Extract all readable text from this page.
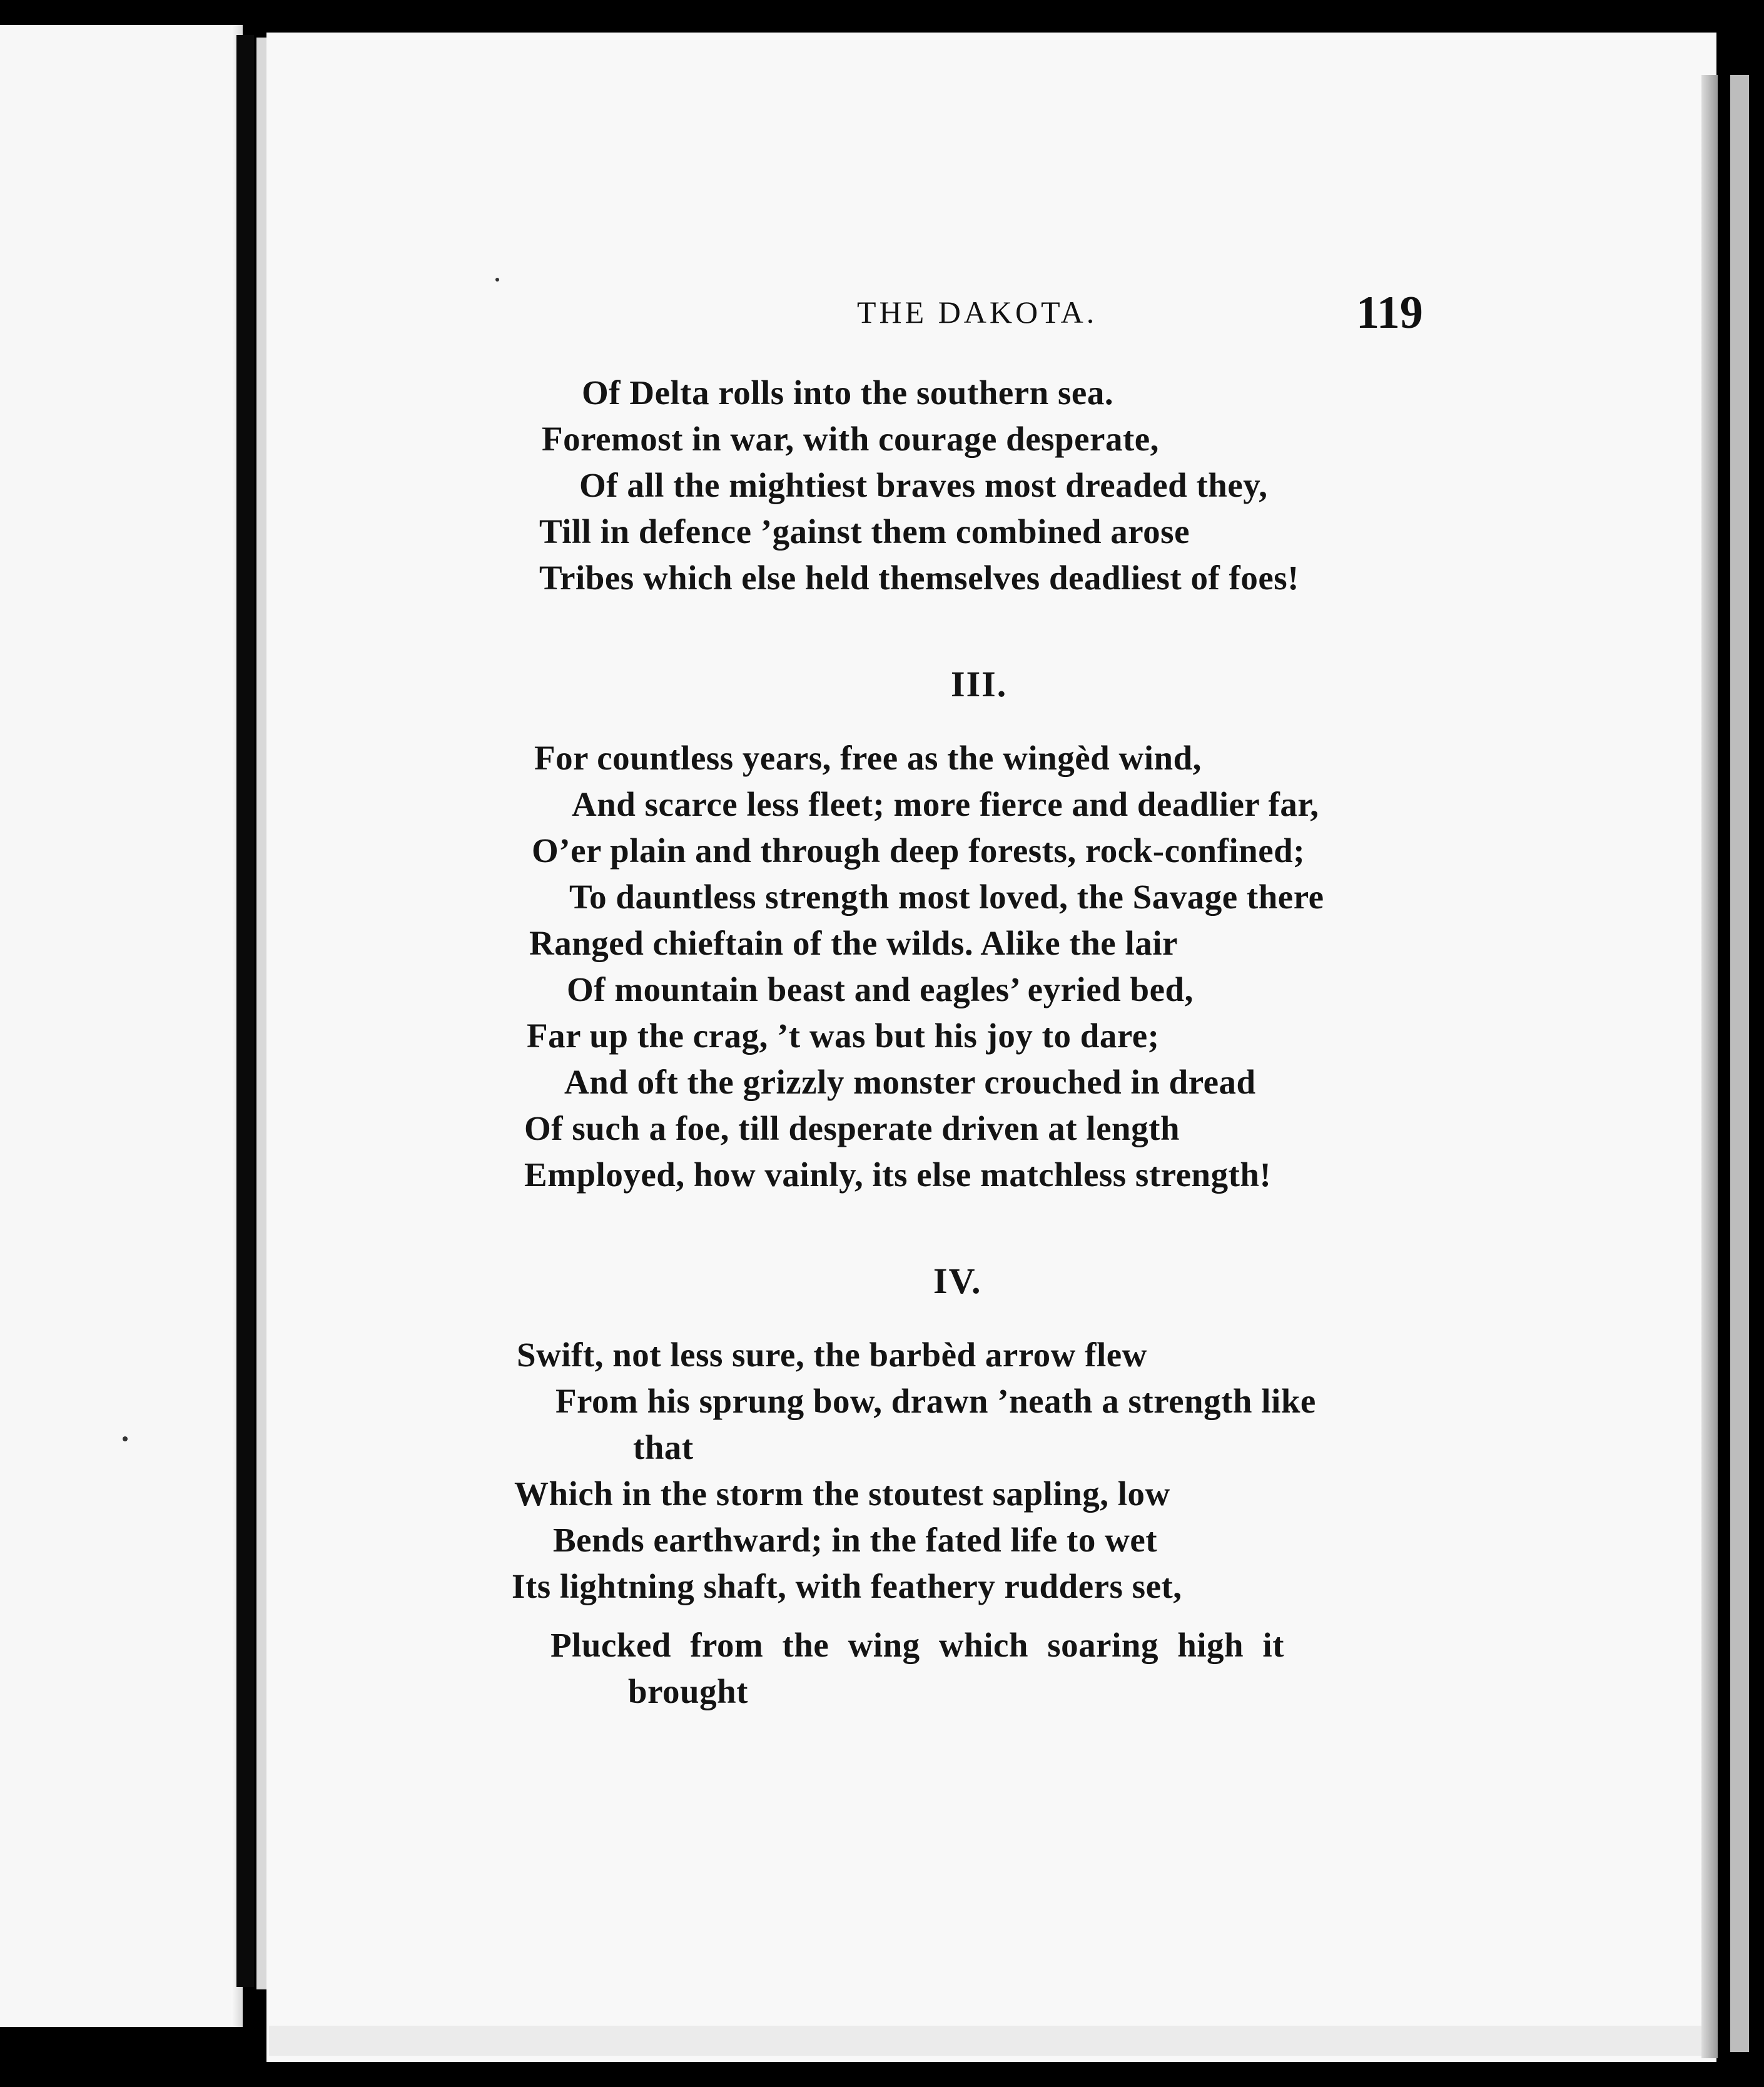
THE DAKOTA.	119
Of Delta rolls into the southern sea.
Foremost in war, with courage desperate,
Of all the mightiest braves most dreaded they,
Till in defence ’gainst them combined arose
Tribes which else held themselves deadliest of foes!
III.
For countless years, free as the wingèd wind,
And scarce less fleet; more fierce and deadlier far,
O’er plain and through deep forests, rock-confined;
To dauntless strength most loved, the Savage there
Ranged chieftain of the wilds. Alike the lair
Of mountain beast and eagles’ eyried bed,
Far up the crag, ’t was but his joy to dare;
And oft the grizzly monster crouched in dread
Of such a foe, till desperate driven at length
Employed, how vainly, its else matchless strength!
IV.
Swift, not less sure, the barbèd arrow flew
From his sprung bow, drawn ’neath a strength like
that
Which in the storm the stoutest sapling, low
Bends earthward; in the fated life to wet
Its lightning shaft, with feathery rudders set,
Plucked from the wing which soaring high it
brought
